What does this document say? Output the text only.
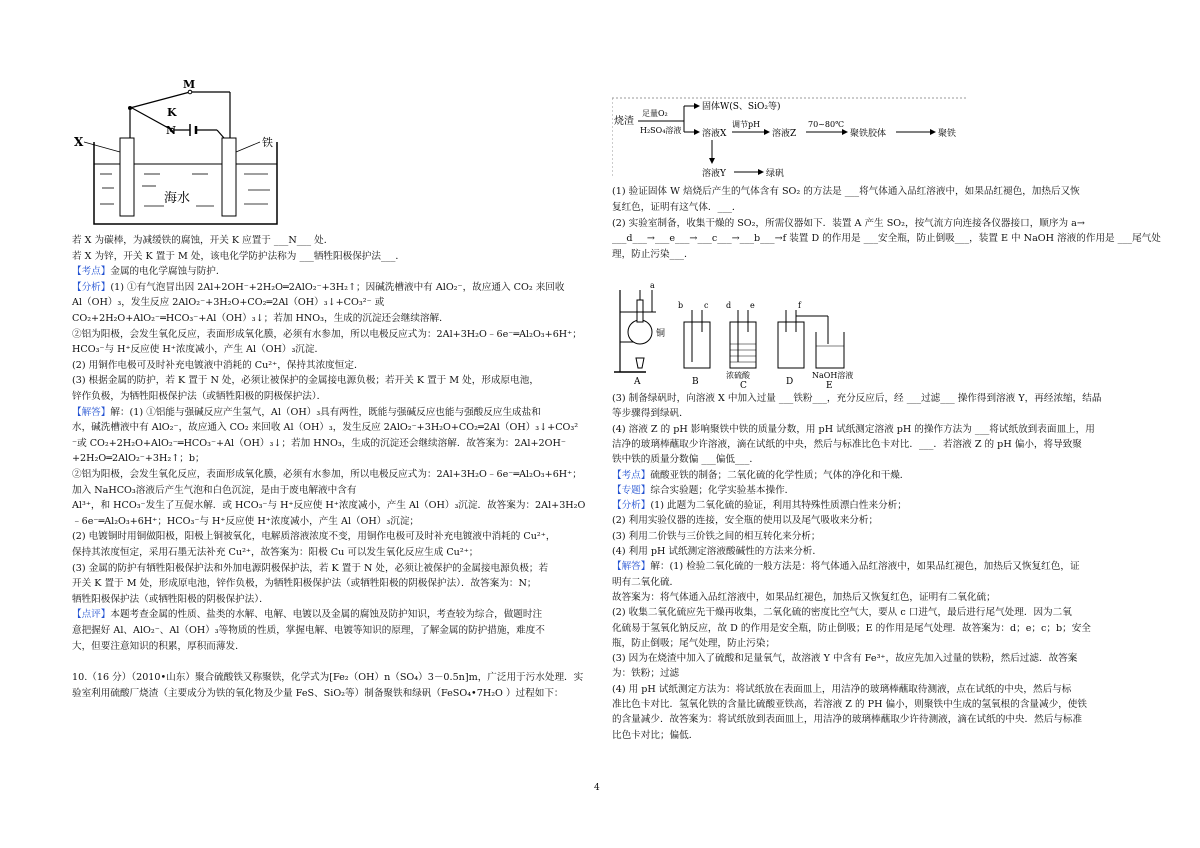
M
K
N
X	铁
海水
若 X 为碳棒，为减缓铁的腐蚀，开关 K 应置于 ___N___ 处．
若 X 为锌，开关 K 置于 M 处，该电化学防护法称为 ___牺牲阳极保护法___．
【考点】金属的电化学腐蚀与防护．
【分析】(1) ①有气泡冒出因 2Al+2OH⁻+2H₂O═2AlO₂⁻+3H₂↑；因碱洗槽液中有 AlO₂⁻，故应通入 CO₂ 来回收
Al（OH）₃，发生反应 2AlO₂⁻+3H₂O+CO₂═2Al（OH）₃↓+CO₃²⁻ 或
CO₂+2H₂O+AlO₂⁻═HCO₃⁻+Al（OH）₃↓；若加 HNO₃，生成的沉淀还会继续溶解．
②铝为阳极，会发生氧化反应，表面形成氧化膜，必须有水参加，所以电极反应式为：2Al+3H₂O﹣6e⁻═Al₂O₃+6H⁺；
HCO₃⁻与 H⁺反应使 H⁺浓度减小，产生 Al（OH）₃沉淀．
(2) 用铜作电极可及时补充电镀液中消耗的 Cu²⁺，保持其浓度恒定．
(3) 根据金属的防护，若 K 置于 N 处，必须让被保护的金属接电源负极；若开关 K 置于 M 处，形成原电池，
锌作负极，为牺牲阳极保护法（或牺牲阳极的阴极保护法）．
【解答】解：(1) ①铝能与强碱反应产生氢气，Al（OH）₃具有两性，既能与强碱反应也能与强酸反应生成盐和
水，碱洗槽液中有 AlO₂⁻，故应通入 CO₂ 来回收 Al（OH）₃，发生反应 2AlO₂⁻+3H₂O+CO₂═2Al（OH）₃↓+CO₃²
⁻或 CO₂+2H₂O+AlO₂⁻═HCO₃⁻+Al（OH）₃↓；若加 HNO₃，生成的沉淀还会继续溶解．故答案为：2Al+2OH⁻
+2H₂O═2AlO₂⁻+3H₂↑；b；
②铝为阳极，会发生氧化反应，表面形成氧化膜，必须有水参加，所以电极反应式为：2Al+3H₂O﹣6e⁻═Al₂O₃+6H⁺；
加入 NaHCO₃溶液后产生气泡和白色沉淀，是由于废电解液中含有
Al³⁺，和 HCO₃⁻发生了互促水解．或 HCO₃⁻与 H⁺反应使 H⁺浓度减小，产生 Al（OH）₃沉淀．故答案为：2Al+3H₂O
﹣6e⁻═Al₂O₃+6H⁺；HCO₃⁻与 H⁺反应使 H⁺浓度减小，产生 Al（OH）₃沉淀；
(2) 电镀铜时用铜做阳极，阳极上铜被氧化，电解质溶液浓度不变，用铜作电极可及时补充电镀液中消耗的 Cu²⁺，
保持其浓度恒定，采用石墨无法补充 Cu²⁺，故答案为：阳极 Cu 可以发生氧化反应生成 Cu²⁺；
(3) 金属的防护有牺牲阳极保护法和外加电源阴极保护法，若 K 置于 N 处，必须让被保护的金属接电源负极；若
开关 K 置于 M 处，形成原电池，锌作负极，为牺牲阳极保护法（或牺牲阳极的阴极保护法）．故答案为：N；
牺牲阳极保护法（或牺牲阳极的阴极保护法）．
【点评】本题考查金属的性质、盐类的水解、电解、电镀以及金属的腐蚀及防护知识，考查较为综合，做题时注
意把握好 Al、AlO₂⁻、Al（OH）₃等物质的性质，掌握电解、电镀等知识的原理，了解金属的防护措施，难度不
大，但要注意知识的积累，厚积而薄发．
10.（16 分）（2010•山东）聚合硫酸铁又称聚铁，化学式为[Fe₂（OH）n（SO₄）3－0.5n]m，广泛用于污水处理．实
验室利用硫酸厂烧渣（主要成分为铁的氧化物及少量 FeS、SiO₂等）制备聚铁和绿矾（FeSO₄•7H₂O ）过程如下：
烧渣
足量O₂
H₂SO₄溶液
固体W(S、SiO₂等)
溶液X
调节pH
溶液Z
70~80℃
聚铁胶体	聚铁
溶液Y	绿矾
(1) 验证固体 W 焙烧后产生的气体含有 SO₂ 的方法是 ___将气体通入品红溶液中，如果品红褪色，加热后又恢
复红色，证明有这气体．___．
(2) 实验室制备，收集干燥的 SO₂，所需仪器如下．装置 A 产生 SO₂，按气流方向连接各仪器接口，顺序为 a→
___d___→___e___→___c___→___b___→f 装置 D 的作用是 ___安全瓶，防止倒吸___，装置 E 中 NaOH 溶液的作用是 ___尾气处
理，防止污染___．
a
铜
A
b	c
B
d e
浓硫酸
C
f
D
NaOH溶液
E
(3) 制备绿矾时，向溶液 X 中加入过量 ___铁粉___，充分反应后，经 ___过滤___ 操作得到溶液 Y，再经浓缩，结晶
等步骤得到绿矾．
(4) 溶液 Z 的 pH 影响聚铁中铁的质量分数，用 pH 试纸测定溶液 pH 的操作方法为 ___将试纸放到表面皿上，用
洁净的玻璃棒蘸取少许溶液，滴在试纸的中央，然后与标准比色卡对比．___．若溶液 Z 的 pH 偏小，将导致聚
铁中铁的质量分数偏 ___偏低___．
【考点】硫酸亚铁的制备；二氧化硫的化学性质；气体的净化和干燥．
【专题】综合实验题；化学实验基本操作．
【分析】(1) 此题为二氧化硫的验证，利用其特殊性质漂白性来分析；
(2) 利用实验仪器的连接，安全瓶的使用以及尾气吸收来分析；
(3) 利用二价铁与三价铁之间的相互转化来分析；
(4) 利用 pH 试纸测定溶液酸碱性的方法来分析．
【解答】解：(1) 检验二氧化硫的一般方法是：将气体通入品红溶液中，如果品红褪色，加热后又恢复红色，证
明有二氧化硫．
故答案为：将气体通入品红溶液中，如果品红褪色，加热后又恢复红色，证明有二氧化硫；
(2) 收集二氧化硫应先干燥再收集，二氧化硫的密度比空气大，要从 c 口进气，最后进行尾气处理．因为二氧
化硫易于氢氧化钠反应，故 D 的作用是安全瓶，防止倒吸；E 的作用是尾气处理．故答案为：d；e；c；b；安全
瓶，防止倒吸；尾气处理，防止污染；
(3) 因为在烧渣中加入了硫酸和足量氧气，故溶液 Y 中含有 Fe³⁺，故应先加入过量的铁粉，然后过滤．故答案
为：铁粉；过滤
(4) 用 pH 试纸测定方法为：将试纸放在表面皿上，用洁净的玻璃棒蘸取待测液，点在试纸的中央，然后与标
准比色卡对比．氢氧化铁的含量比硫酸亚铁高，若溶液 Z 的 PH 偏小，则聚铁中生成的氢氧根的含量减少，使铁
的含量减少．故答案为：将试纸放到表面皿上，用洁净的玻璃棒蘸取少许待测液，滴在试纸的中央．然后与标准
比色卡对比；偏低．
4
